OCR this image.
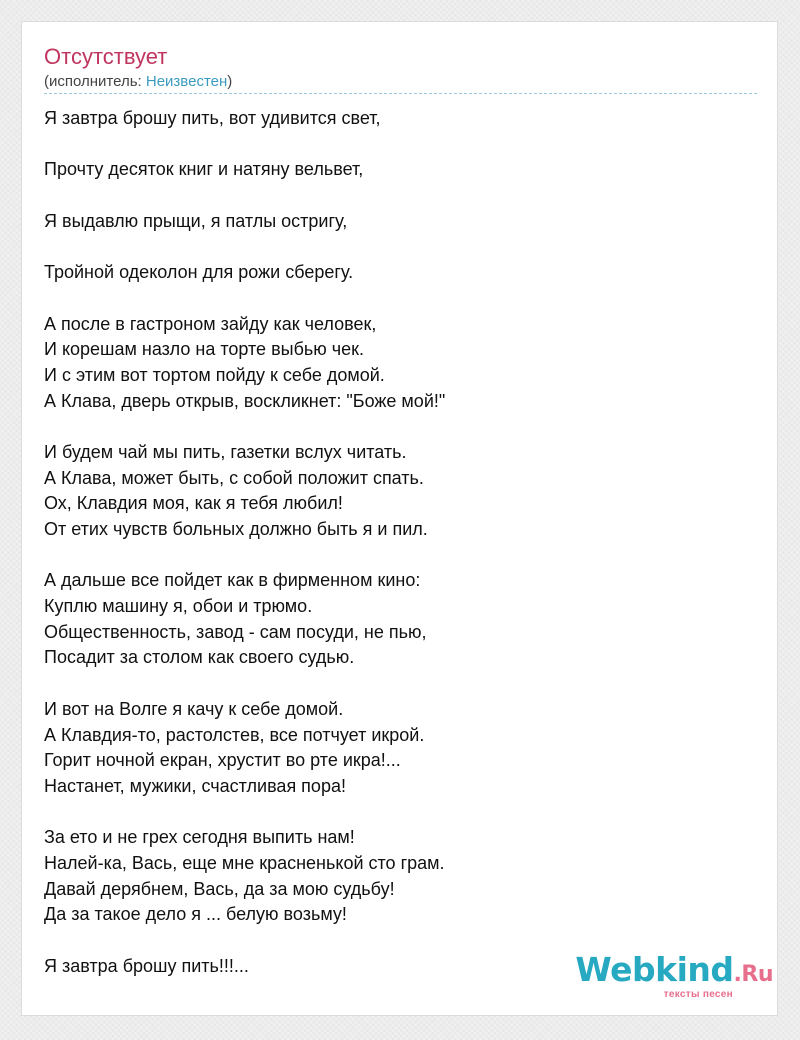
Отсутствует
(исполнитель: Неизвестен)
Я завтра брошу пить, вот удивится свет,
Прочту десяток книг и натяну вельвет,
Я выдавлю прыщи, я патлы остригу,
Тройной одеколон для рожи сберегу.
А после в гастроном зайду как человек,
И корешам назло на торте выбью чек.
И с этим вот тортом пойду к себе домой.
А Клава, дверь открыв, воскликнет: "Боже мой!"
И будем чай мы пить, газетки вслух читать.
А Клава, может быть, с собой положит спать.
Ох, Клавдия моя, как я тебя любил!
От етих чувств больных должно быть я и пил.
А дальше все пойдет как в фирменном кино:
Куплю машину я, обои и трюмо.
Общественность, завод - сам посуди, не пью,
Посадит за столом как своего судью.
И вот на Волге я качу к себе домой.
А Клавдия-то, растолстев, все потчует икрой.
Горит ночной екран, хрустит во рте икра!...
Настанет, мужики, счастливая пора!
За ето и не грех сегодня выпить нам!
Налей-ка, Вась, еще мне красненькой сто грам.
Давай дерябнем, Вась, да за мою судьбу!
Да за такое дело я ... белую возьму!
Я завтра брошу пить!!!...	Webkind.Ru
тексты песен
